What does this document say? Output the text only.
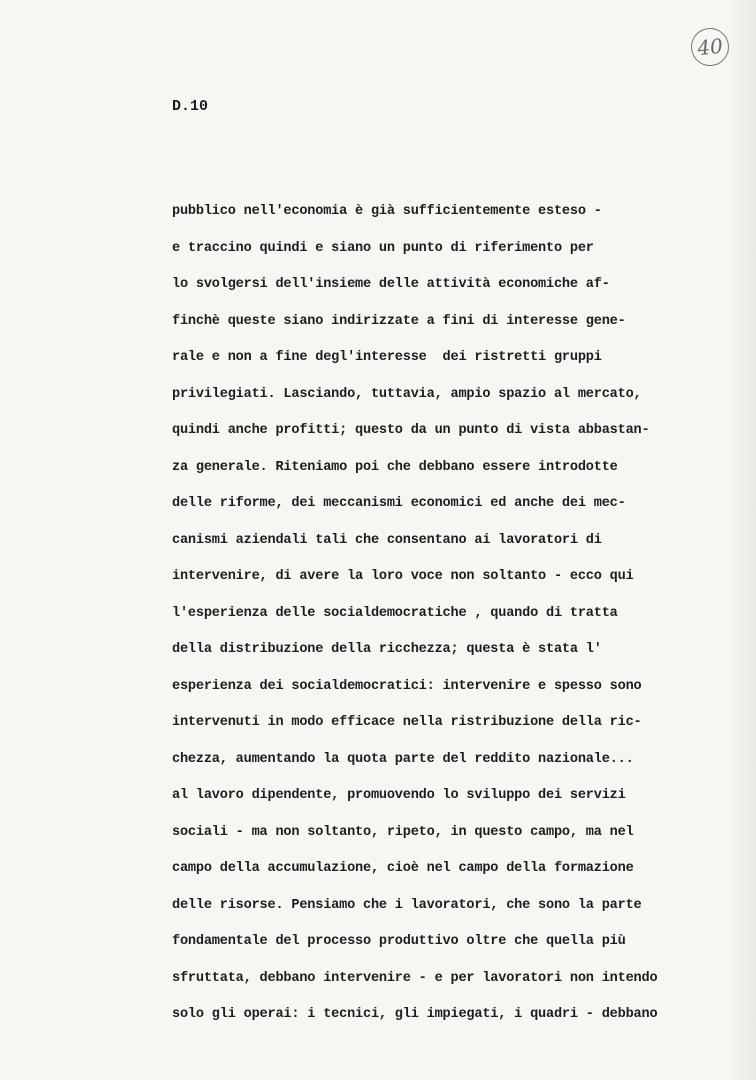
40
D.10
pubblico nell'economia è già sufficientemente esteso -
e traccino quindi e siano un punto di riferimento per
lo svolgersi dell'insieme delle attività economiche af-
finchè queste siano indirizzate a fini di interesse gene-
rale e non a fine degl'interesse  dei ristretti gruppi
privilegiati. Lasciando, tuttavia, ampio spazio al mercato,
quindi anche profitti; questo da un punto di vista abbastan-
za generale. Riteniamo poi che debbano essere introdotte
delle riforme, dei meccanismi economici ed anche dei mec-
canismi aziendali tali che consentano ai lavoratori di
intervenire, di avere la loro voce non soltanto - ecco qui
l'esperienza delle socialdemocratiche , quando di tratta
della distribuzione della ricchezza; questa è stata l'
esperienza dei socialdemocratici: intervenire e spesso sono
intervenuti in modo efficace nella ristribuzione della ric-
chezza, aumentando la quota parte del reddito nazionale...
al lavoro dipendente, promuovendo lo sviluppo dei servizi
sociali - ma non soltanto, ripeto, in questo campo, ma nel
campo della accumulazione, cioè nel campo della formazione
delle risorse. Pensiamo che i lavoratori, che sono la parte
fondamentale del processo produttivo oltre che quella più
sfruttata, debbano intervenire - e per lavoratori non intendo
solo gli operai: i tecnici, gli impiegati, i quadri - debbano
